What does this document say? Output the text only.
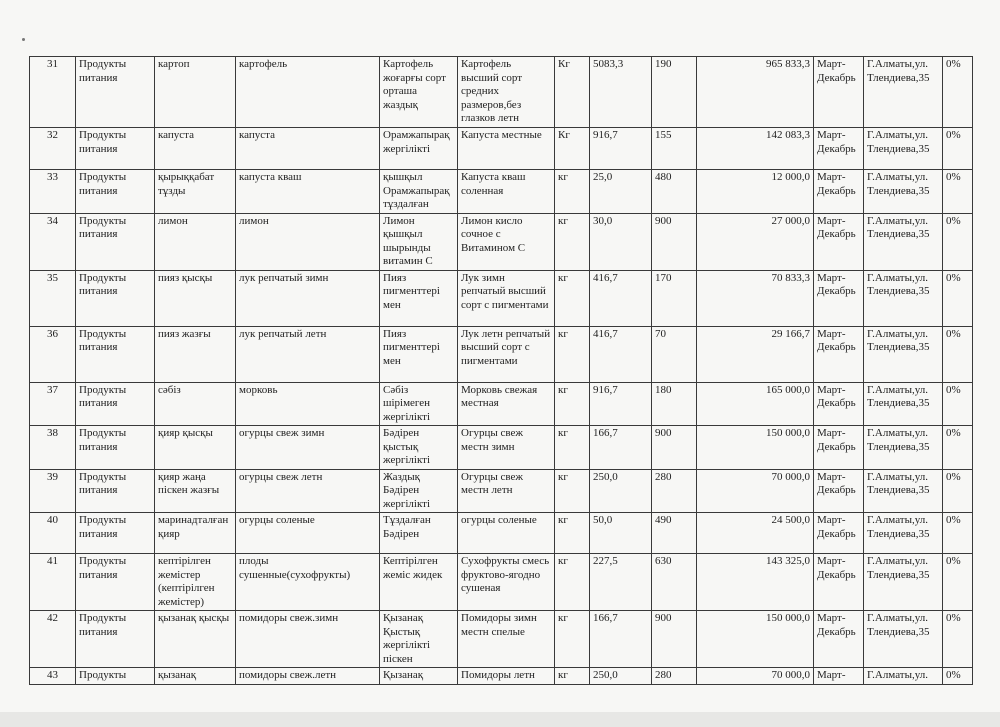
31	Продукты питания	картоп	картофель	Картофель жоғарғы сорт орташа жаздық	Картофель высший сорт средних размеров,без глазков летн	Кг	5083,3	190	965 833,3	Март-Декабрь	Г.Алматы,ул. Тлендиева,35	0%
32	Продукты питания	капуста	капуста	Орамжапырақ жергілікті	Капуста местные	Кг	916,7	155	142 083,3	Март-Декабрь	Г.Алматы,ул. Тлендиева,35	0%
33	Продукты питания	қырыққабат тұзды	капуста кваш	қышқыл Орамжапырақ тұздалған	Капуста кваш соленная	кг	25,0	480	12 000,0	Март-Декабрь	Г.Алматы,ул. Тлендиева,35	0%
34	Продукты питания	лимон	лимон	Лимон қышқыл шырынды витамин С	Лимон кисло сочное с Витамином С	кг	30,0	900	27 000,0	Март-Декабрь	Г.Алматы,ул. Тлендиева,35	0%
35	Продукты питания	пияз қысқы	лук репчатый зимн	Пияз пигменттері мен	Лук зимн репчатый высший сорт с пигментами	кг	416,7	170	70 833,3	Март-Декабрь	Г.Алматы,ул. Тлендиева,35	0%
36	Продукты питания	пияз жазғы	лук репчатый летн	Пияз пигменттері мен	Лук летн репчатый высший сорт с пигментами	кг	416,7	70	29 166,7	Март-Декабрь	Г.Алматы,ул. Тлендиева,35	0%
37	Продукты питания	сәбіз	морковь	Сәбіз шірімеген жергілікті	Морковь свежая местная	кг	916,7	180	165 000,0	Март-Декабрь	Г.Алматы,ул. Тлендиева,35	0%
38	Продукты питания	қияр қысқы	огурцы свеж зимн	Бәдірен қыстық жергілікті	Огурцы свеж местн зимн	кг	166,7	900	150 000,0	Март-Декабрь	Г.Алматы,ул. Тлендиева,35	0%
39	Продукты питания	қияр жаңа піскен жазғы	огурцы свеж летн	Жаздық Бәдірен жергілікті	Огурцы свеж местн летн	кг	250,0	280	70 000,0	Март-Декабрь	Г.Алматы,ул. Тлендиева,35	0%
40	Продукты питания	маринадталған қияр	огурцы соленые	Тұздалған Бәдірен	огурцы соленые	кг	50,0	490	24 500,0	Март-Декабрь	Г.Алматы,ул. Тлендиева,35	0%
41	Продукты питания	кептірілген жемістер (кептірілген жемістер)	плоды сушенные(сухофрукты)	Кептірілген жеміс жидек	Сухофрукты смесь фруктово-ягодно сушеная	кг	227,5	630	143 325,0	Март-Декабрь	Г.Алматы,ул. Тлендиева,35	0%
42	Продукты питания	қызанақ қысқы	помидоры свеж.зимн	Қызанақ Қыстық жергілікті піскен	Помидоры зимн местн спелые	кг	166,7	900	150 000,0	Март-Декабрь	Г.Алматы,ул. Тлендиева,35	0%
43	Продукты	қызанақ	помидоры свеж.летн	Қызанақ	Помидоры летн	кг	250,0	280	70 000,0	Март-	Г.Алматы,ул.	0%
